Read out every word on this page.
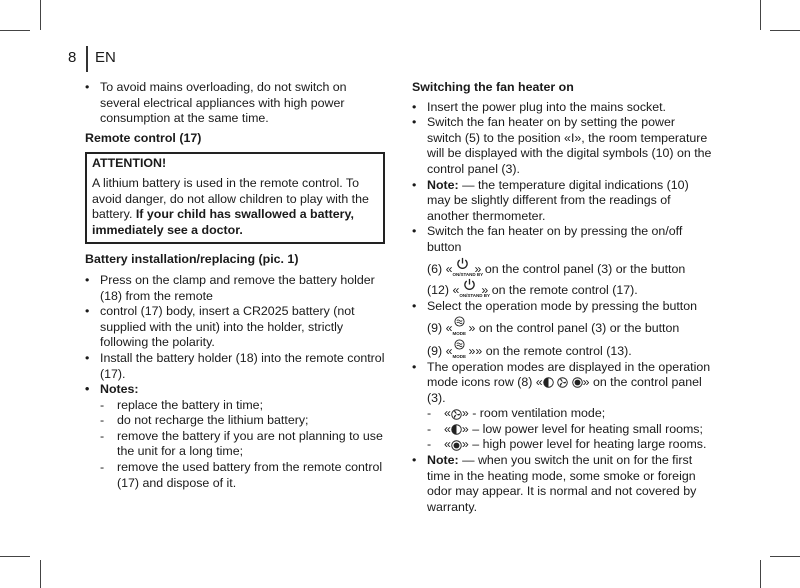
8 EN
• To avoid mains overloading, do not switch on several electrical appliances with high power consumption at the same time.

Remote control (17)

ATTENTION!
A lithium battery is used in the remote control. To avoid danger, do not allow children to play with the battery. If your child has swallowed a battery, immediately see a doctor.

Battery installation/replacing (pic. 1)

• Press on the clamp and remove the battery holder (18) from the remote
• control (17) body, insert a CR2025 battery (not supplied with the unit) into the holder, strictly following the polarity.
• Install the battery holder (18) into the remote control (17).
• Notes:
- replace the battery in time;
- do not recharge the lithium battery;
- remove the battery if you are not planning to use the unit for a long time;
- remove the used battery from the remote control (17) and dispose of it.

Switching the fan heater on

• Insert the power plug into the mains socket.
• Switch the fan heater on by setting the power switch (5) to the position «I», the room temperature will be displayed with the digital symbols (10) on the control panel (3).
• Note: — the temperature digital indications (10) may be slightly different from the readings of another thermometer.
• Switch the fan heater on by pressing the on/off button
(6) « ON/STAND BY
» on the control panel (3) or the button
(12) « ON/STAND BY
» on the remote control (17).
• Select the operation mode by pressing the button
(9) « MODE » on the control panel (3) or the button
(9) « MODE »» on the remote control (13).
• The operation modes are displayed in the operation
mode icons row (8) «	» on the control panel
(3).
- « » - room ventilation mode;
- « » – low power level for heating small rooms;
- « » – high power level for heating large rooms.
• Note: — when you switch the unit on for the first time in the heating mode, some smoke or foreign odor may appear. It is normal and not covered by warranty.
